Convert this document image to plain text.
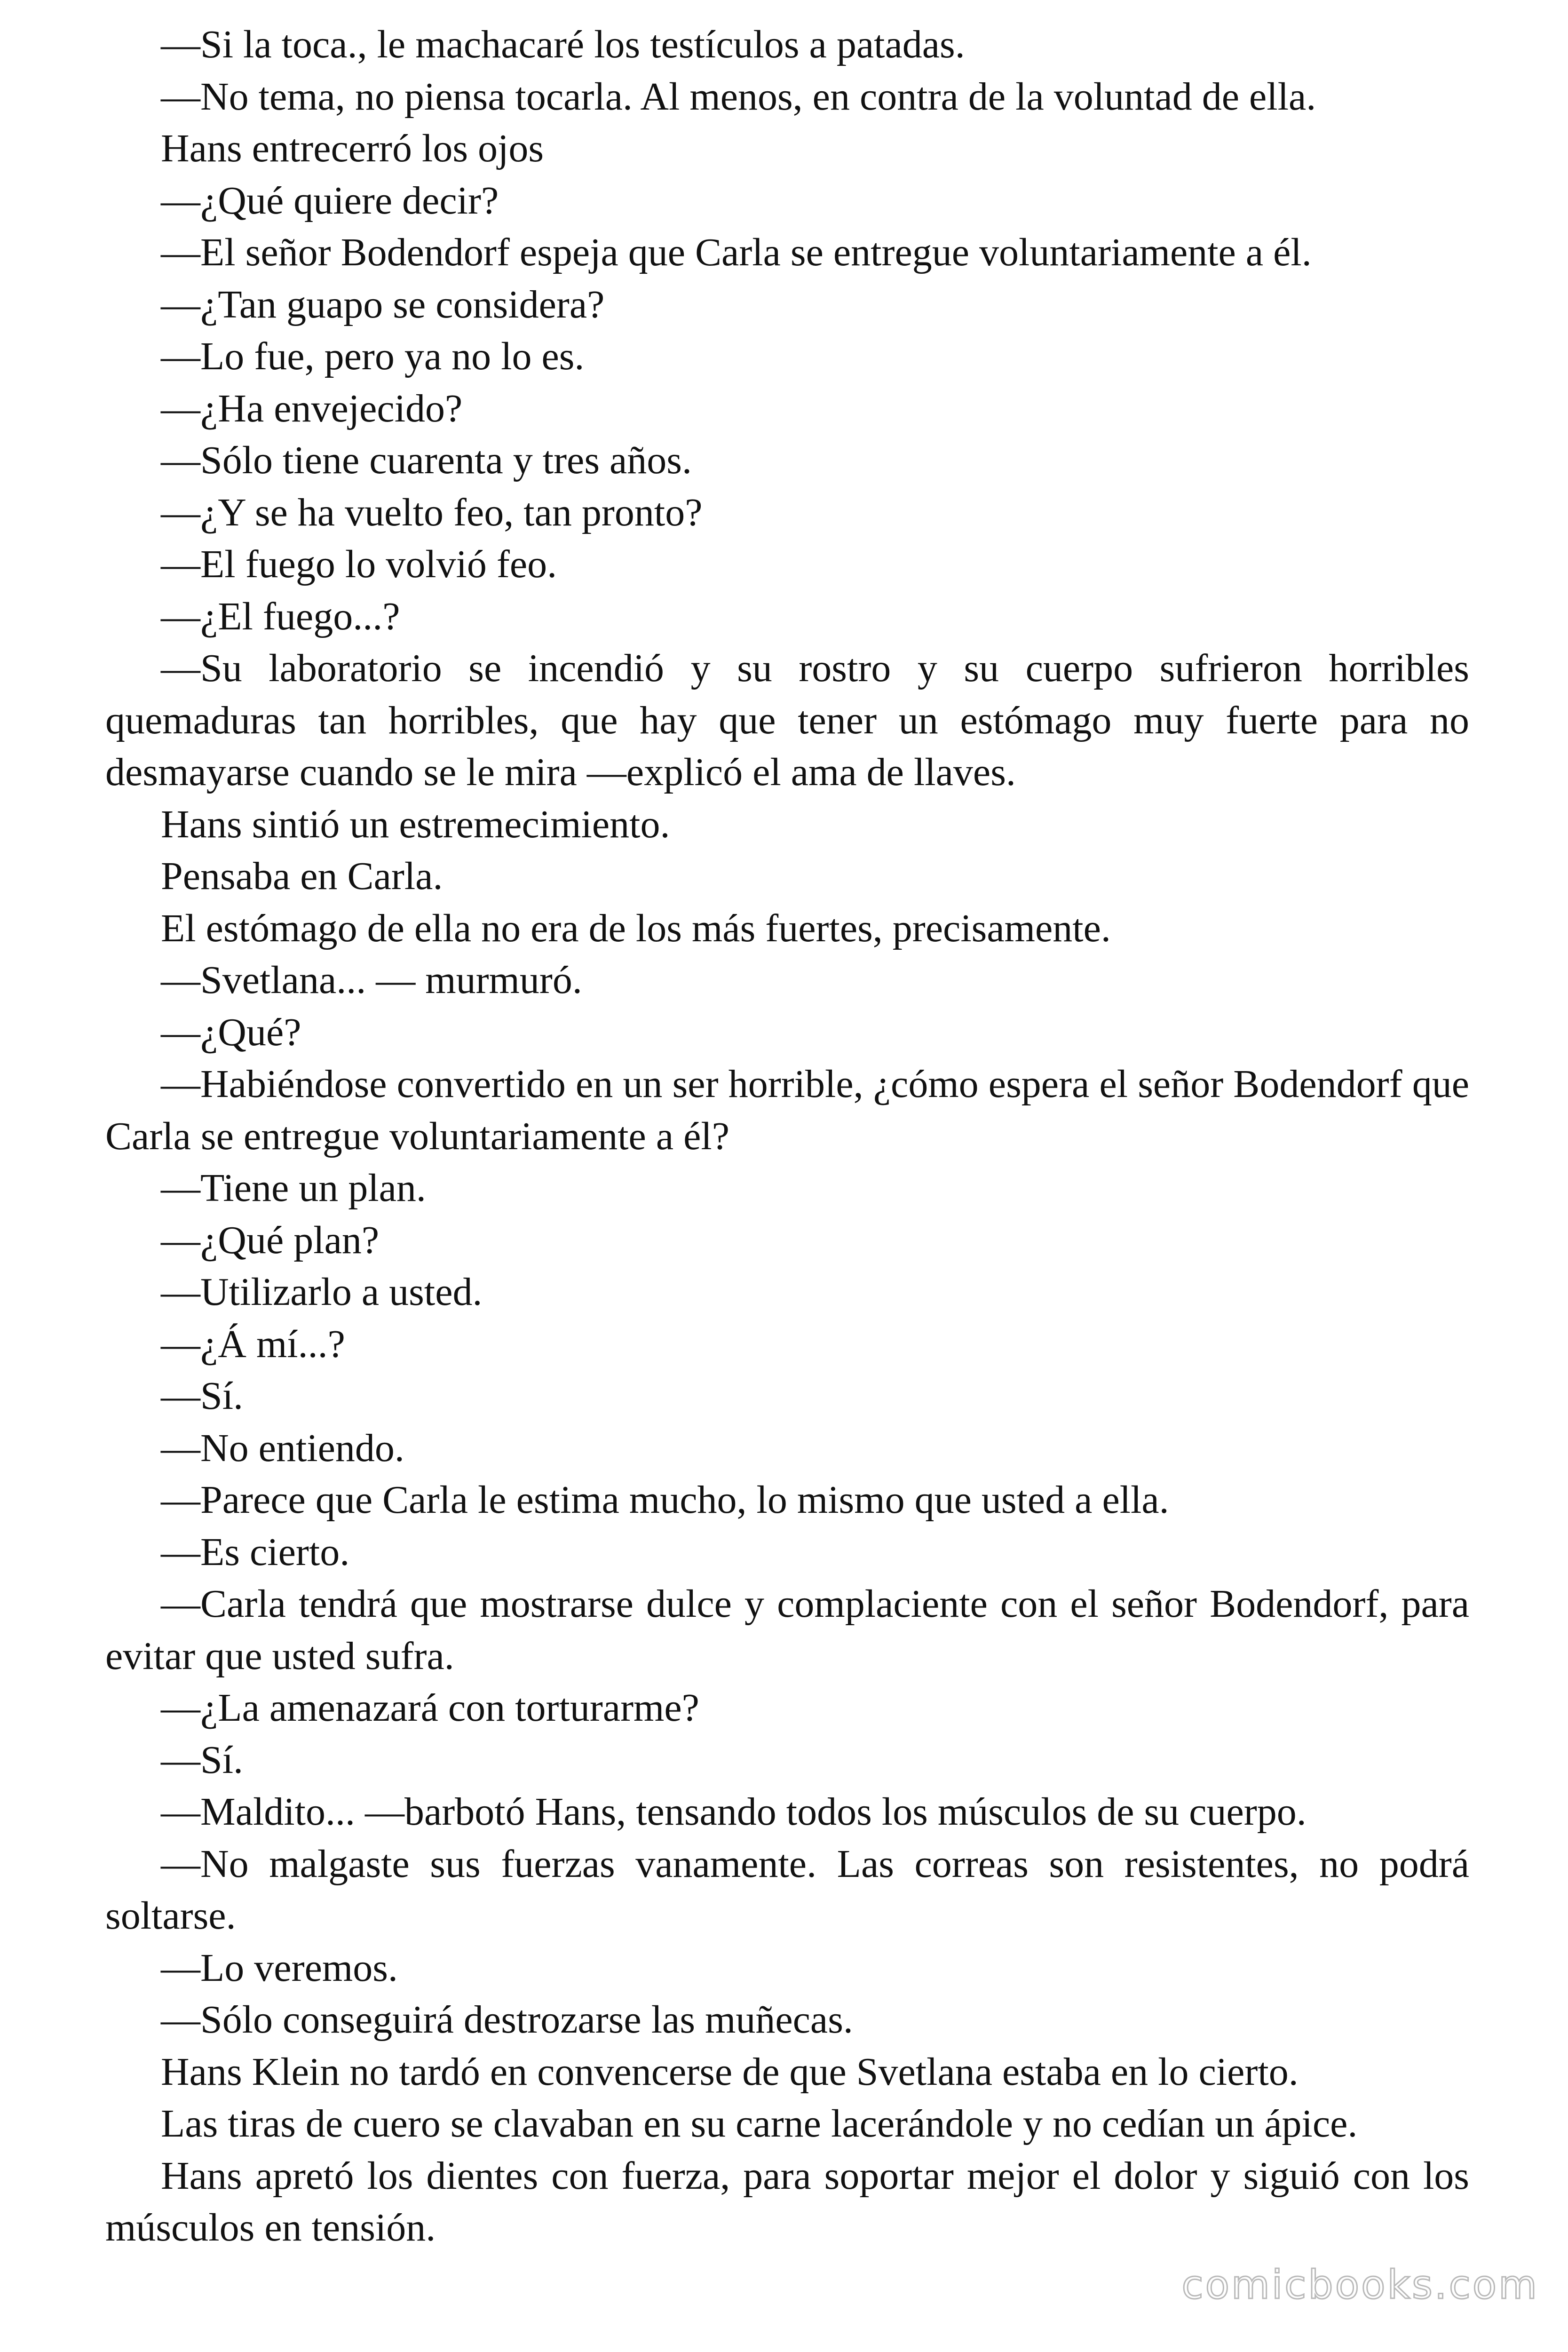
—Si la toca., le machacaré los testículos a patadas.

—No tema, no piensa tocarla. Al menos, en contra de la voluntad de ella.

Hans entrecerró los ojos

—¿Qué quiere decir?

—El señor Bodendorf espeja que Carla se entregue voluntariamente a él.

—¿Tan guapo se considera?

—Lo fue, pero ya no lo es.

—¿Ha envejecido?

—Sólo tiene cuarenta y tres años.

—¿Y se ha vuelto feo, tan pronto?

—El fuego lo volvió feo.

—¿El fuego...?

—Su laboratorio se incendió y su rostro y su cuerpo sufrieron horribles quemaduras tan horribles, que hay que tener un estómago muy fuerte para no desmayarse cuando se le mira —explicó el ama de llaves.

Hans sintió un estremecimiento.

Pensaba en Carla.

El estómago de ella no era de los más fuertes, precisamente.

—Svetlana... — murmuró.

—¿Qué?

—Habiéndose convertido en un ser horrible, ¿cómo espera el señor Bodendorf que Carla se entregue voluntariamente a él?

—Tiene un plan.

—¿Qué plan?

—Utilizarlo a usted.

—¿Á mí...?

—Sí.

—No entiendo.

—Parece que Carla le estima mucho, lo mismo que usted a ella.

—Es cierto.

—Carla tendrá que mostrarse dulce y complaciente con el señor Bodendorf, para evitar que usted sufra.

—¿La amenazará con torturarme?

—Sí.

—Maldito... —barbotó Hans, tensando todos los músculos de su cuerpo.

—No malgaste sus fuerzas vanamente. Las correas son resistentes, no podrá soltarse.

—Lo veremos.

—Sólo conseguirá destrozarse las muñecas.

Hans Klein no tardó en convencerse de que Svetlana estaba en lo cierto.

Las tiras de cuero se clavaban en su carne lacerándole y no cedían un ápice.

Hans apretó los dientes con fuerza, para soportar mejor el dolor y siguió con los músculos en tensión.

comicbooks.com
